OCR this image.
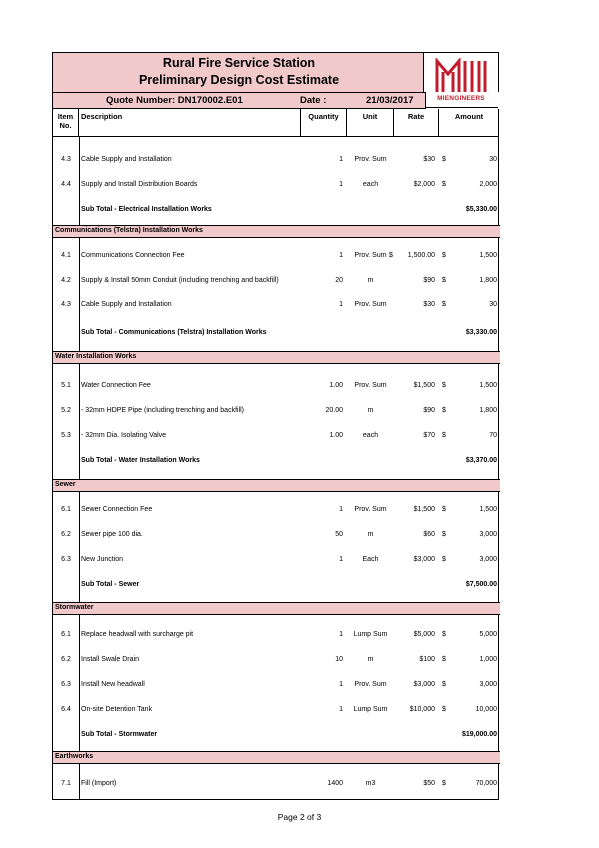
Rural Fire Service Station
Preliminary Design Cost Estimate
MIENGINEERS
Quote Number: DN170002.E01	Date :	21/03/2017
Item No.
Description	Quantity	Unit	Rate	Amount
4.3	Cable Supply and Installation	1	Prov. Sum	$30 $	30
4.4	Supply and Install Distribution Boards	1	each	$2,000 $	2,000
Sub Total - Electrical Installation Works	$5,330.00
Communications (Telstra) Installation Works
4.1	Communications Connection Fee	1	Prov. Sum $	1,500.00 $	1,500
4.2	Supply & Install 50mm Conduit (including trenching and backfill)	20	m	$90 $	1,800
4.3	Cable Supply and Installation	1	Prov. Sum	$30 $	30
Sub Total - Communications (Telstra) Installation Works	$3,330.00
Water Installation Works
5.1	Water Connection Fee	1.00	Prov. Sum	$1,500 $	1,500
5.2	- 32mm HDPE Pipe (including trenching and backfill)	20.00	m	$90 $	1,800
5.3	- 32mm Dia. Isolating Valve	1.00	each	$70 $	70
Sub Total - Water Installation Works	$3,370.00
Sewer
6.1	Sewer Connection Fee	1	Prov. Sum	$1,500 $	1,500
6.2	Sewer pipe 100 dia.	50	m	$60 $	3,000
6.3	New Junction	1	Each	$3,000 $	3,000
Sub Total - Sewer	$7,500.00
Stormwater
6.1	Replace headwall with surcharge pit	1	Lump Sum	$5,000 $	5,000
6.2	Install Swale Drain	10	m	$100 $	1,000
6.3	Install New headwall	1	Prov. Sum	$3,000 $	3,000
6.4	On-site Detention Tank	1	Lump Sum	$10,000 $	10,000
Sub Total - Stormwater	$19,000.00
Earthworks
7.1	Fill (Import)	1400	m3	$50 $	70,000
Page 2 of 3
